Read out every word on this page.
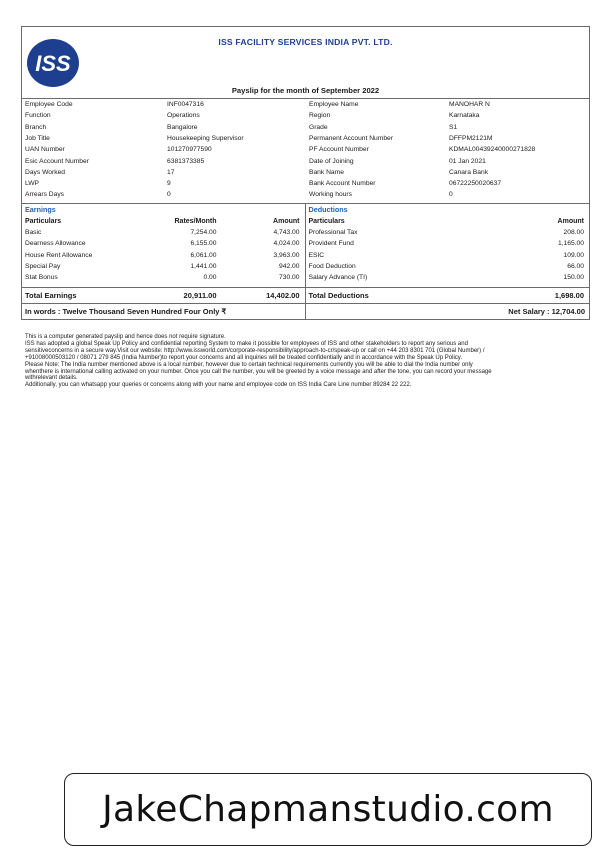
ISS
ISS FACILITY SERVICES INDIA PVT. LTD.
Payslip for the month of September 2022
Employee Code	INF0047316	Employee Name	MANOHAR N
Function	Operations	Region	Karnataka
Branch	Bangalore	Grade	S1
Job Title	Housekeeping Supervisor	Permanent Account Number	DFFPM2121M
UAN Number	101270977590	PF Account Number	KDMAL00439240000271828
Esic Account Number	6381373385	Date of Joining	01 Jan 2021
Days Worked	17	Bank Name	Canara Bank
LWP	9	Bank Account Number	06722250020637
Arrears Days	0	Working hours	0
Earnings
Particulars	Rates/Month	Amount
Basic	7,254.00	4,743.00
Dearness Allowance	6,155.00	4,024.00
House Rent Allowance	6,061.00	3,963.00
Special Pay	1,441.00	942.00
Stat Bonus	0.00	730.00
Deductions
Particulars	Amount
Professional Tax	208.00
Provident Fund	1,165.00
ESIC	109.00
Food Deduction	66.00
Salary Advance (TI)	150.00
Total Earnings	20,911.00	14,402.00 Total Deductions	1,698.00
In words : Twelve Thousand Seven Hundred Four Only ₹	Net Salary : 12,704.00
This is a computer generated payslip and hence does not require signature.
ISS has adopted a global Speak Up Policy and confidential reporting System to make it possible for employees of ISS and other stakeholders to report any serious and
sensitiveconcerns in a secure way.Visit our website: http://www.issworld.com/corporate-responsibility/approach-to-cr/speak-up or call on +44 203 8301 701 (Global Number) /
+91008000503120 / 08071 279 845 (India Number)to report your concerns and all inquiries will be treated confidentially and in accordance with the Speak Up Policy.
Please Note: The India number mentioned above is a local number, however due to certain technical requirements currently you will be able to dial the India number only
whenthere is international calling activated on your number. Once you call the number, you will be greeted by a voice message and after the tone, you can record your message
withrelevant details.
Additionally, you can whatsapp your queries or concerns along with your name and employee code on ISS India Care Line number 89284 22 222.
JakeChapmanstudio.com
